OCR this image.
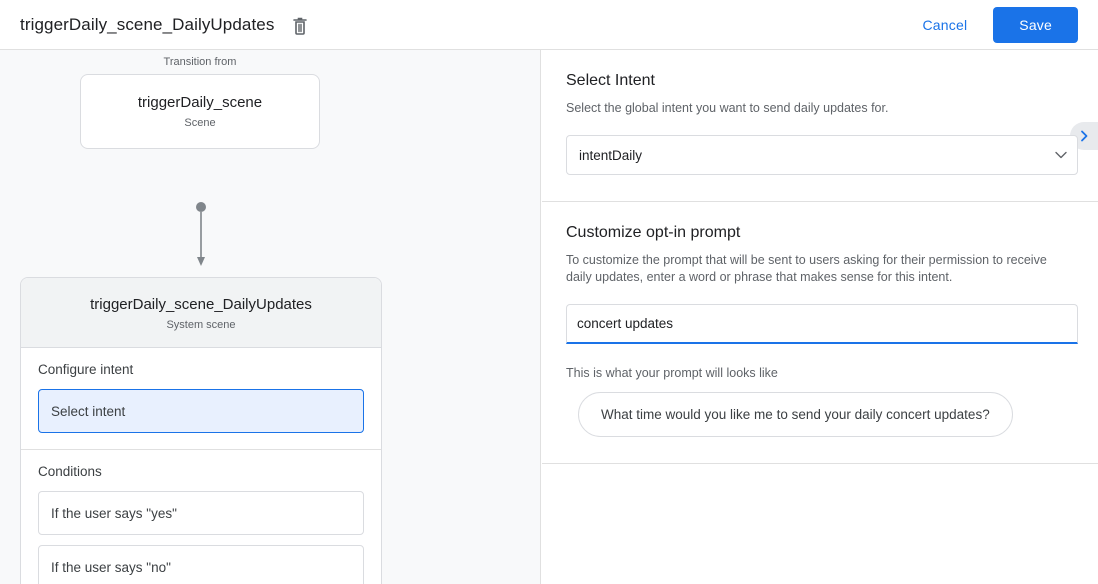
triggerDaily_scene_DailyUpdates	Cancel	Save
Transition from
triggerDaily_scene
Scene
triggerDaily_scene_DailyUpdates
System scene
Configure intent
Select intent
Conditions
If the user says "yes"
If the user says "no"
Select Intent

Select the global intent you want to send daily updates for.

intentDaily
Customize opt-in prompt

To customize the prompt that will be sent to users asking for their permission to receive daily updates, enter a word or phrase that makes sense for this intent.

concert updates
This is what your prompt will looks like
What time would you like me to send your daily concert updates?
